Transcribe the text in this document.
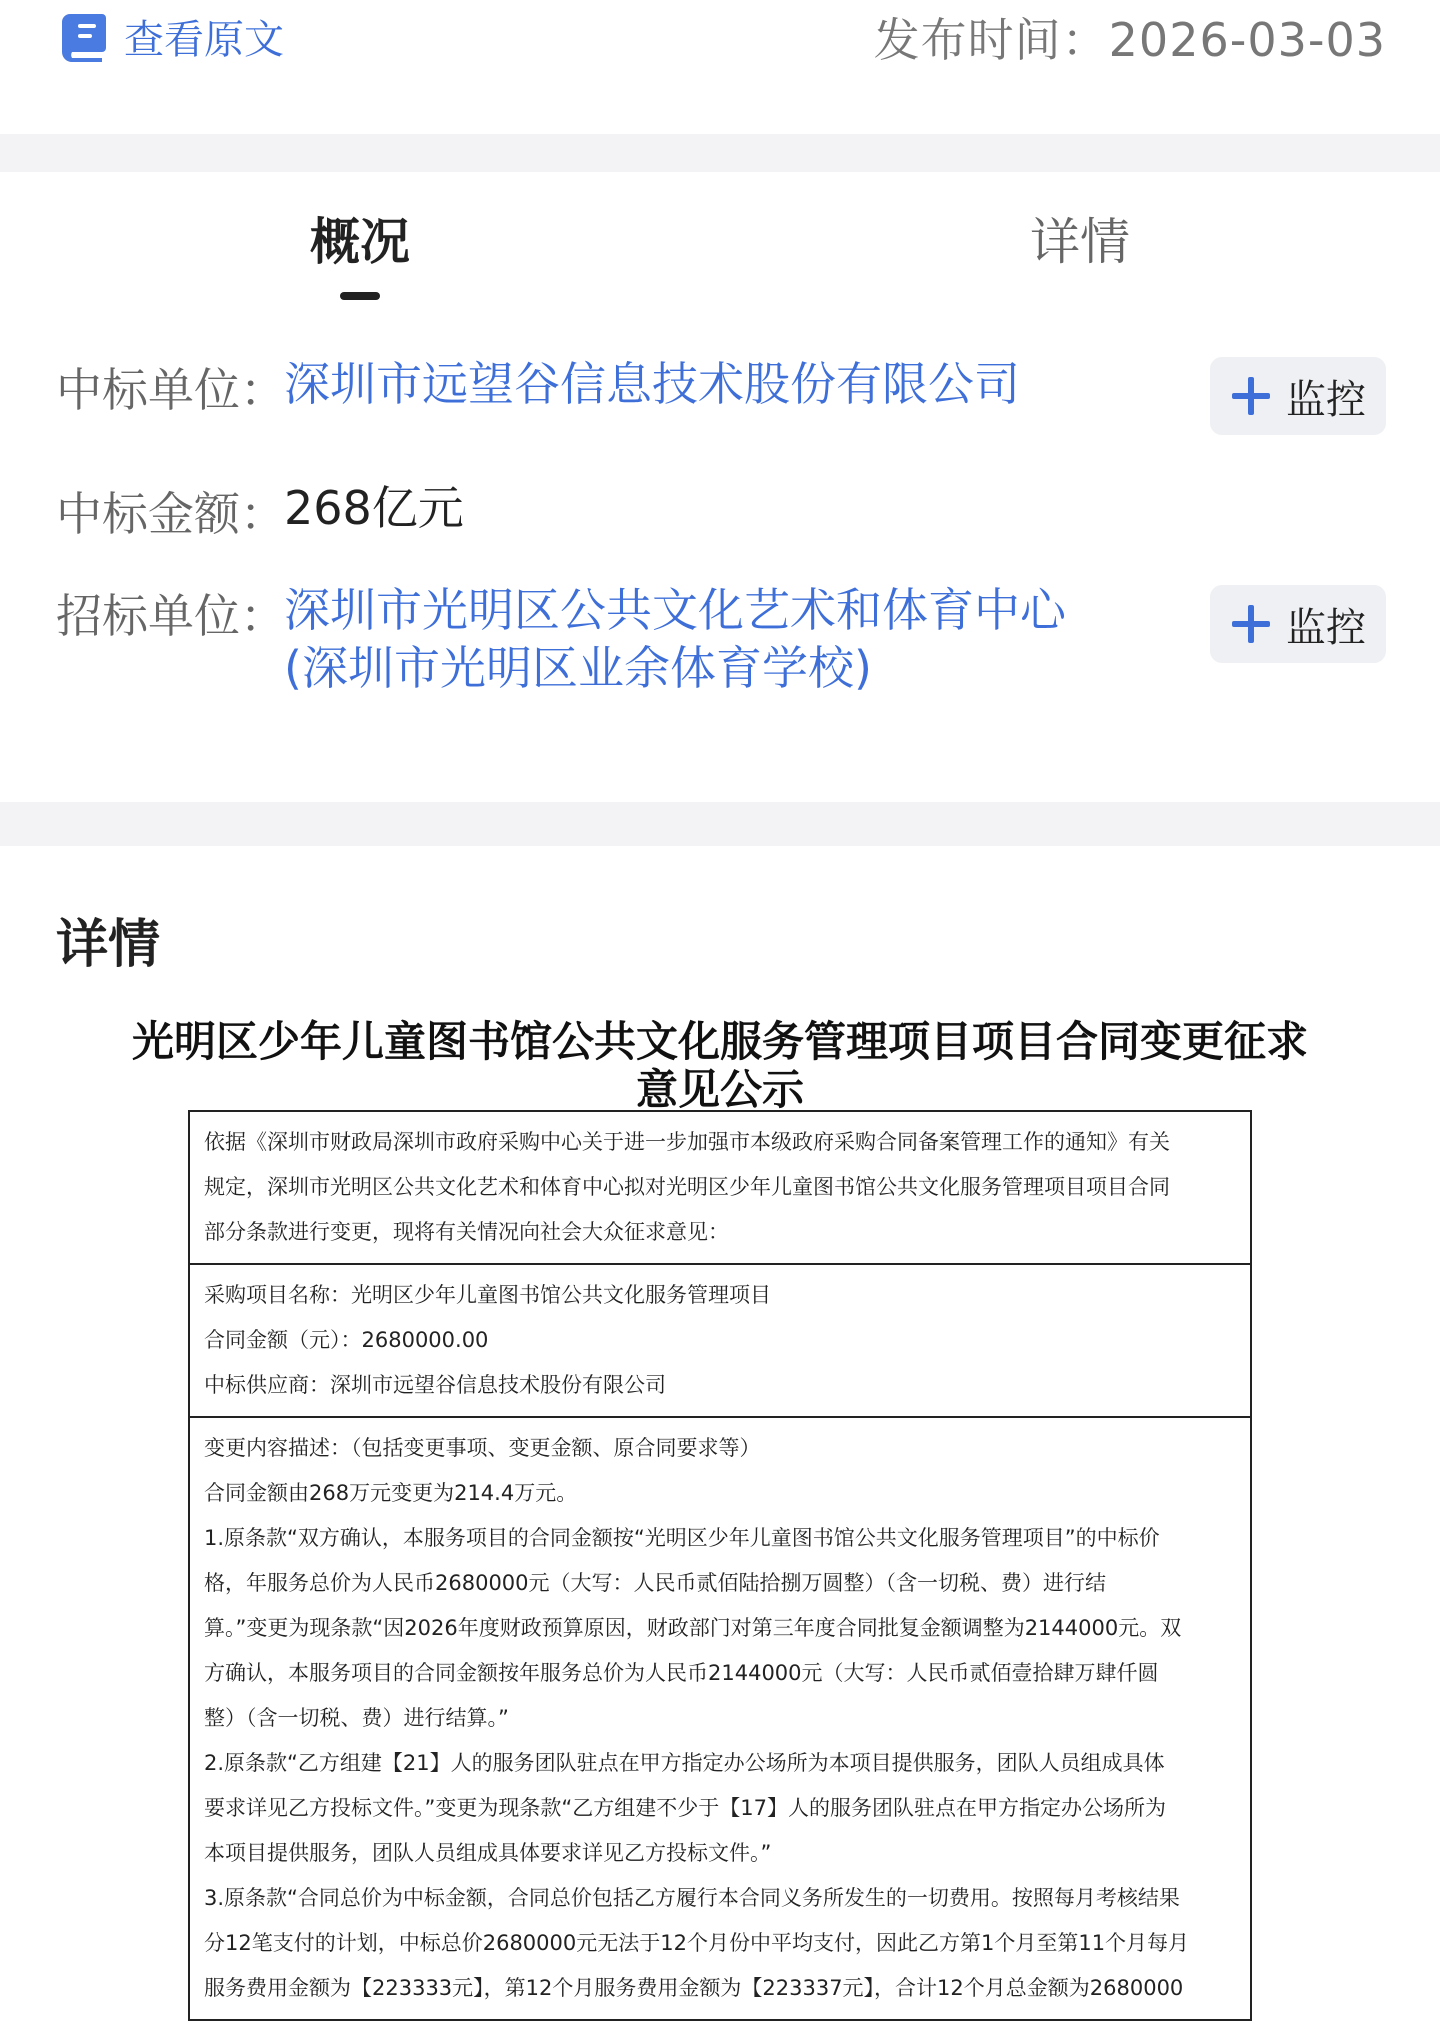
查看原文	发布时间：2026-03-03
概况	详情
中标单位：
深圳市远望谷信息技术股份有限公司	监控
中标金额：
268亿元
招标单位：
深圳市光明区公共文化艺术和体育中心
(深圳市光明区业余体育学校)
监控
详情
光明区少年儿童图书馆公共文化服务管理项目项目合同变更征求
意见公示
依据《深圳市财政局深圳市政府采购中心关于进一步加强市本级政府采购合同备案管理工作的通知》有关
规定，深圳市光明区公共文化艺术和体育中心拟对光明区少年儿童图书馆公共文化服务管理项目项目合同
部分条款进行变更，现将有关情况向社会大众征求意见：
采购项目名称：光明区少年儿童图书馆公共文化服务管理项目
合同金额（元）：2680000.00
中标供应商：深圳市远望谷信息技术股份有限公司
变更内容描述：（包括变更事项、变更金额、原合同要求等）
合同金额由268万元变更为214.4万元。
1.原条款“双方确认，本服务项目的合同金额按“光明区少年儿童图书馆公共文化服务管理项目”的中标价
格，年服务总价为人民币2680000元（大写：人民币贰佰陆拾捌万圆整）（含一切税、费）进行结
算。”变更为现条款“因2026年度财政预算原因，财政部门对第三年度合同批复金额调整为2144000元。双
方确认，本服务项目的合同金额按年服务总价为人民币2144000元（大写：人民币贰佰壹拾肆万肆仟圆
整）（含一切税、费）进行结算。”
2.原条款“乙方组建【21】人的服务团队驻点在甲方指定办公场所为本项目提供服务，团队人员组成具体
要求详见乙方投标文件。”变更为现条款“乙方组建不少于【17】人的服务团队驻点在甲方指定办公场所为
本项目提供服务，团队人员组成具体要求详见乙方投标文件。”
3.原条款“合同总价为中标金额，合同总价包括乙方履行本合同义务所发生的一切费用。按照每月考核结果
分12笔支付的计划，中标总价2680000元无法于12个月份中平均支付，因此乙方第1个月至第11个月每月
服务费用金额为【223333元】，第12个月服务费用金额为【223337元】，合计12个月总金额为2680000
